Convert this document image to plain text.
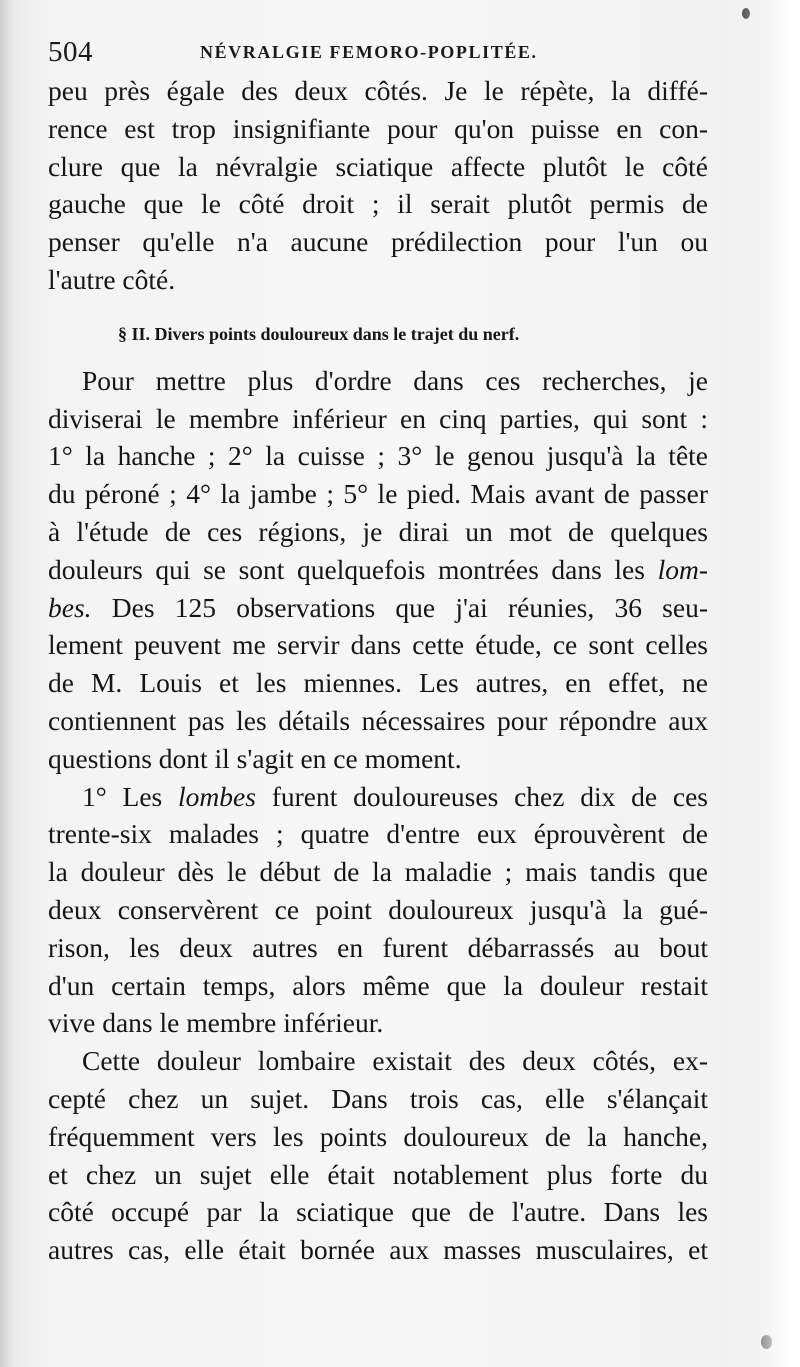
504	NÉVRALGIE FEMORO-POPLITÉE.
peu près égale des deux côtés. Je le répète, la diffé-
rence est trop insignifiante pour qu'on puisse en con-
clure que la névralgie sciatique affecte plutôt le côté
gauche que le côté droit ; il serait plutôt permis de
penser qu'elle n'a aucune prédilection pour l'un ou
l'autre côté.
§ II. Divers points douloureux dans le trajet du nerf.
Pour mettre plus d'ordre dans ces recherches, je
diviserai le membre inférieur en cinq parties, qui sont :
1° la hanche ; 2° la cuisse ; 3° le genou jusqu'à la tête
du péroné ; 4° la jambe ; 5° le pied. Mais avant de passer
à l'étude de ces régions, je dirai un mot de quelques
douleurs qui se sont quelquefois montrées dans les lom-
bes. Des 125 observations que j'ai réunies, 36 seu-
lement peuvent me servir dans cette étude, ce sont celles
de M. Louis et les miennes. Les autres, en effet, ne
contiennent pas les détails nécessaires pour répondre aux
questions dont il s'agit en ce moment.
1° Les lombes furent douloureuses chez dix de ces
trente-six malades ; quatre d'entre eux éprouvèrent de
la douleur dès le début de la maladie ; mais tandis que
deux conservèrent ce point douloureux jusqu'à la gué-
rison, les deux autres en furent débarrassés au bout
d'un certain temps, alors même que la douleur restait
vive dans le membre inférieur.
Cette douleur lombaire existait des deux côtés, ex-
cepté chez un sujet. Dans trois cas, elle s'élançait
fréquemment vers les points douloureux de la hanche,
et chez un sujet elle était notablement plus forte du
côté occupé par la sciatique que de l'autre. Dans les
autres cas, elle était bornée aux masses musculaires, et
